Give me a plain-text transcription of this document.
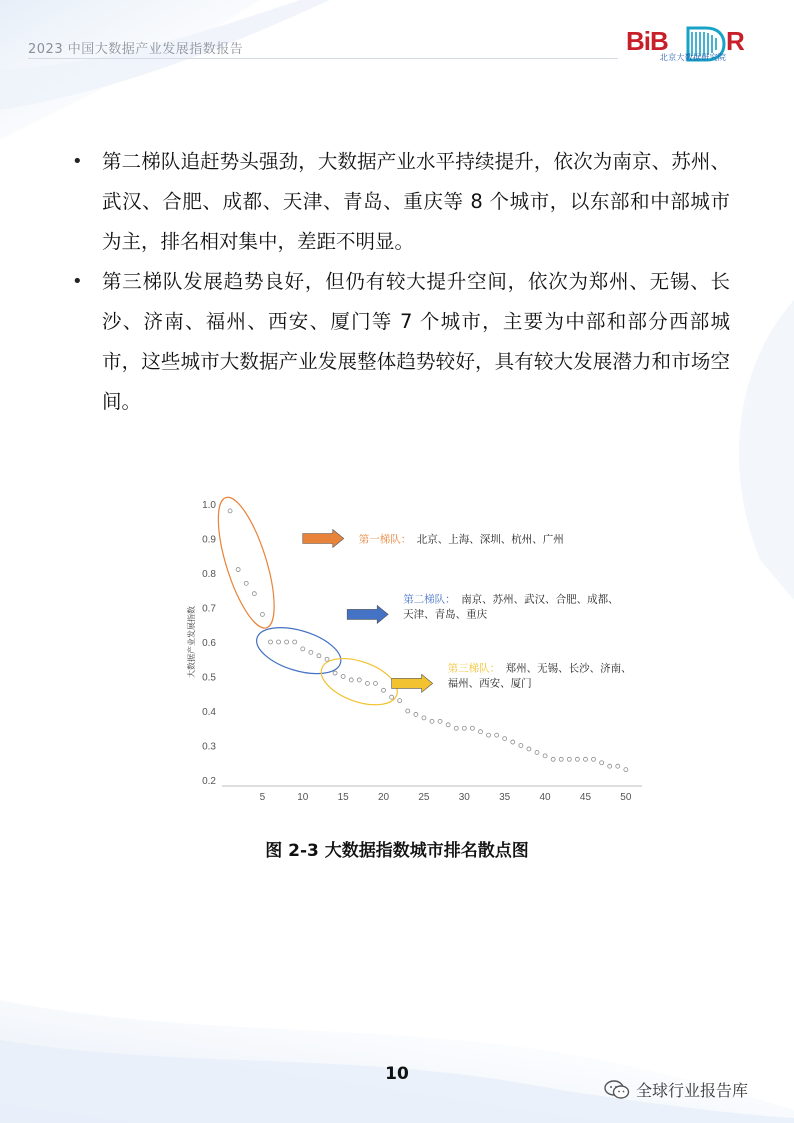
2023 中国大数据产业发展指数报告	BiB R
北京大数据研究院
• 第二梯队追赶势头强劲，大数据产业水平持续提升，依次为南京、苏州、武汉、合肥、成都、天津、青岛、重庆等 8 个城市，以东部和中部城市为主，排名相对集中，差距不明显。
• 第三梯队发展趋势良好，但仍有较大提升空间，依次为郑州、无锡、长沙、济南、福州、西安、厦门等 7 个城市，主要为中部和部分西部城市，这些城市大数据产业发展整体趋势较好，具有较大发展潜力和市场空间。
1.0
0.9
0.8
0.7
0.6
0.5
0.4
0.3
0.2
5	10	15	20	25	30	35	40	45	50
大数据产业发展指数
第一梯队： 北京、上海、深圳、杭州、广州
第二梯队： 南京、苏州、武汉、合肥、成都、
天津、青岛、重庆
第三梯队： 郑州、无锡、长沙、济南、
福州、西安、厦门
图 2-3 大数据指数城市排名散点图
10
全球行业报告库
